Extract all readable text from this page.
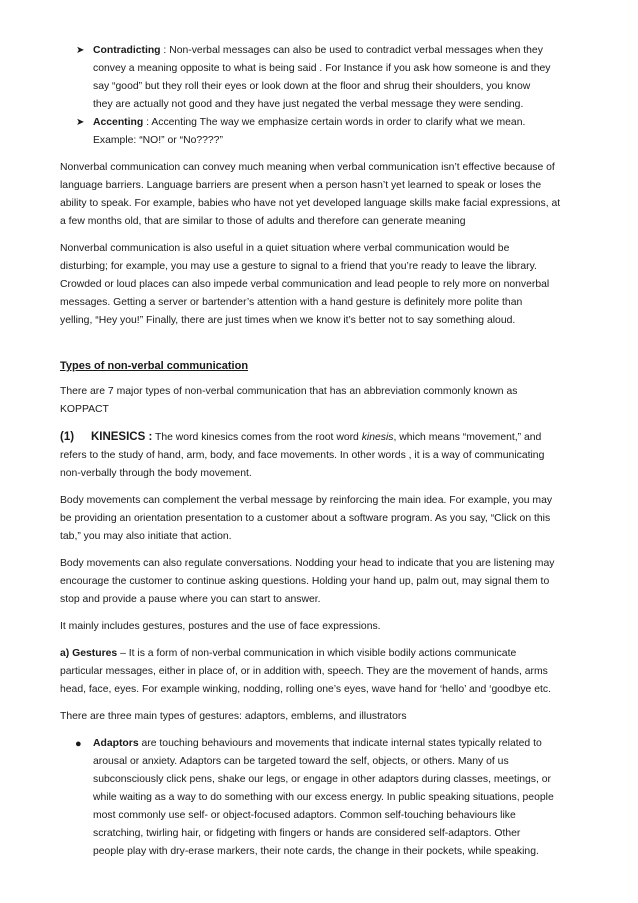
➤ Contradicting : Non-verbal messages can also be used to contradict verbal messages when they
convey a meaning opposite to what is being said . For Instance if you ask how someone is and they
say “good” but they roll their eyes or look down at the floor and shrug their shoulders, you know
they are actually not good and they have just negated the verbal message they were sending.
➤ Accenting : Accenting The way we emphasize certain words in order to clarify what we mean.
Example: “NO!” or “No????”
Nonverbal communication can convey much meaning when verbal communication isn’t effective because of
language barriers. Language barriers are present when a person hasn’t yet learned to speak or loses the
ability to speak. For example, babies who have not yet developed language skills make facial expressions, at
a few months old, that are similar to those of adults and therefore can generate meaning
Nonverbal communication is also useful in a quiet situation where verbal communication would be
disturbing; for example, you may use a gesture to signal to a friend that you’re ready to leave the library.
Crowded or loud places can also impede verbal communication and lead people to rely more on nonverbal
messages. Getting a server or bartender’s attention with a hand gesture is definitely more polite than
yelling, “Hey you!” Finally, there are just times when we know it’s better not to say something aloud.
Types of non-verbal communication
There are 7 major types of non-verbal communication that has an abbreviation commonly known as
KOPPACT
(1) KINESICS : The word kinesics comes from the root word kinesis, which means “movement,” and
refers to the study of hand, arm, body, and face movements. In other words , it is a way of communicating
non-verbally through the body movement.
Body movements can complement the verbal message by reinforcing the main idea. For example, you may
be providing an orientation presentation to a customer about a software program. As you say, “Click on this
tab,” you may also initiate that action.
Body movements can also regulate conversations. Nodding your head to indicate that you are listening may
encourage the customer to continue asking questions. Holding your hand up, palm out, may signal them to
stop and provide a pause where you can start to answer.
It mainly includes gestures, postures and the use of face expressions.
a) Gestures – It is a form of non-verbal communication in which visible bodily actions communicate
particular messages, either in place of, or in addition with, speech. They are the movement of hands, arms
head, face, eyes. For example winking, nodding, rolling one’s eyes, wave hand for ‘hello’ and ‘goodbye etc.
There are three main types of gestures: adaptors, emblems, and illustrators
● Adaptors are touching behaviours and movements that indicate internal states typically related to
arousal or anxiety. Adaptors can be targeted toward the self, objects, or others. Many of us
subconsciously click pens, shake our legs, or engage in other adaptors during classes, meetings, or
while waiting as a way to do something with our excess energy. In public speaking situations, people
most commonly use self- or object-focused adaptors. Common self-touching behaviours like
scratching, twirling hair, or fidgeting with fingers or hands are considered self-adaptors. Other
people play with dry-erase markers, their note cards, the change in their pockets, while speaking.
